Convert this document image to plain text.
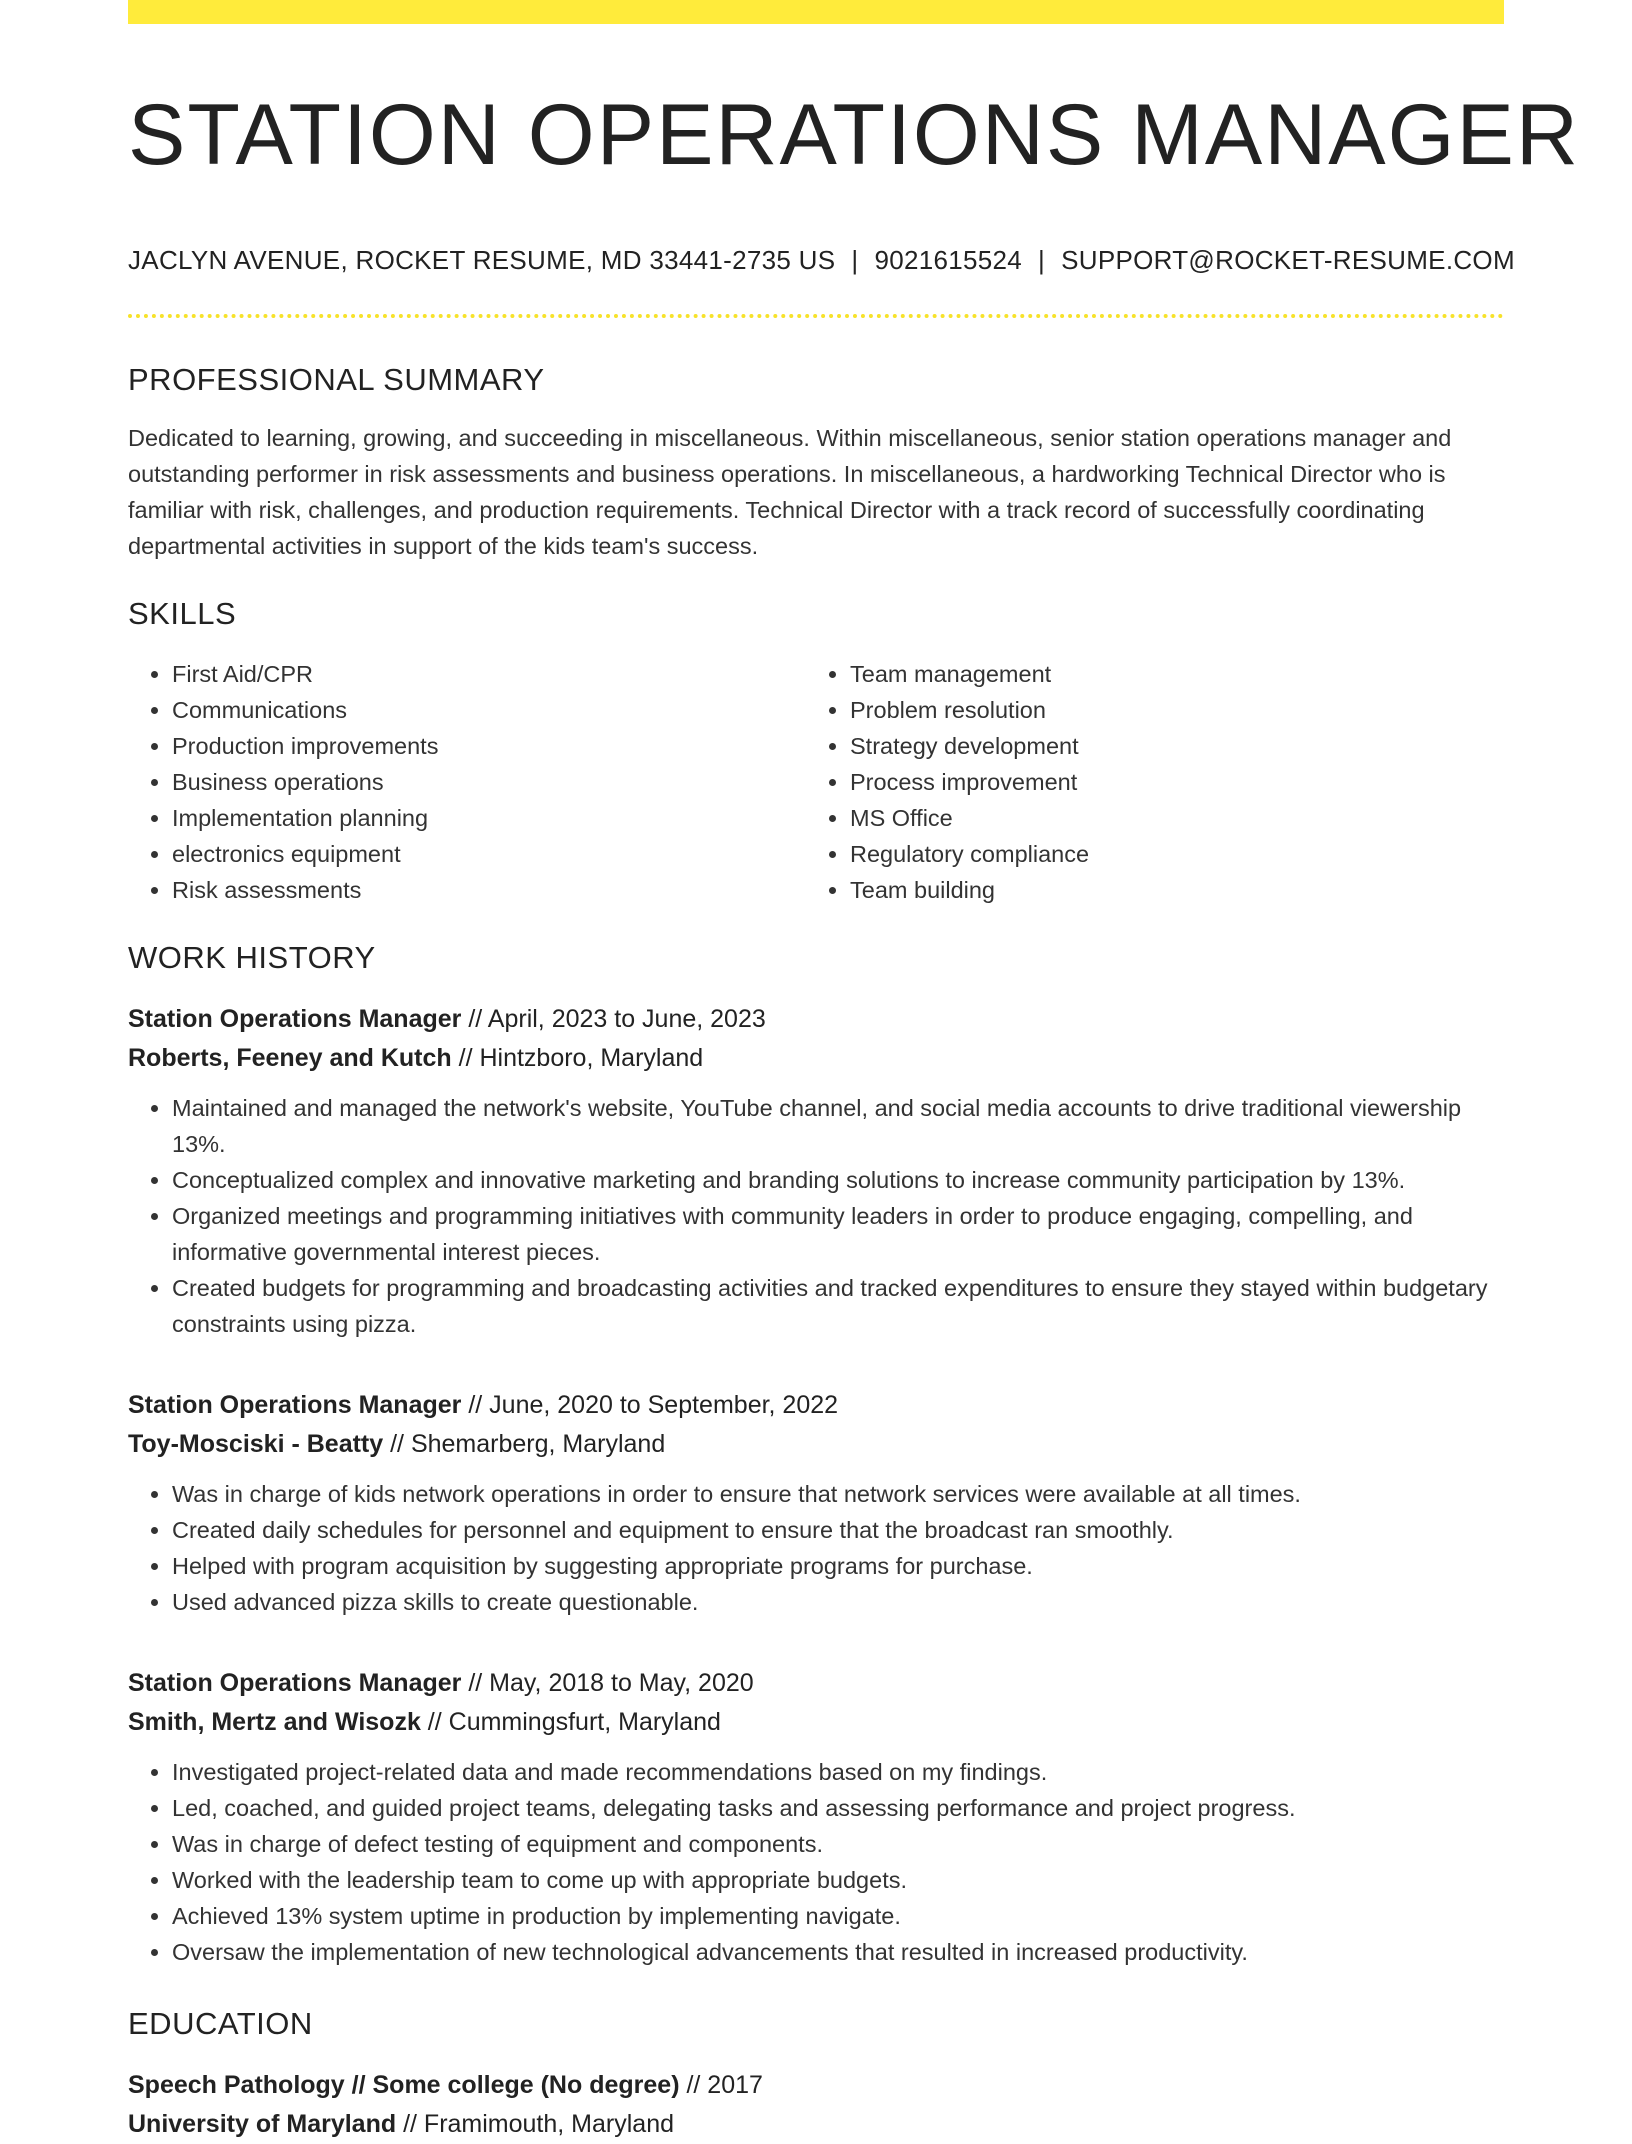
STATION OPERATIONS MANAGER
JACLYN AVENUE, ROCKET RESUME, MD 33441-2735 US | 9021615524 | SUPPORT@ROCKET-RESUME.COM
PROFESSIONAL SUMMARY
Dedicated to learning, growing, and succeeding in miscellaneous. Within miscellaneous, senior station operations manager and outstanding performer in risk assessments and business operations. In miscellaneous, a hardworking Technical Director who is familiar with risk, challenges, and production requirements. Technical Director with a track record of successfully coordinating departmental activities in support of the kids team's success.
SKILLS
• First Aid/CPR
• Communications
• Production improvements
• Business operations
• Implementation planning
• electronics equipment
• Risk assessments
• Team management
• Problem resolution
• Strategy development
• Process improvement
• MS Office
• Regulatory compliance
• Team building
WORK HISTORY
Station Operations Manager // April, 2023 to June, 2023
Roberts, Feeney and Kutch // Hintzboro, Maryland
• Maintained and managed the network's website, YouTube channel, and social media accounts to drive traditional viewership 13%.
• Conceptualized complex and innovative marketing and branding solutions to increase community participation by 13%.
• Organized meetings and programming initiatives with community leaders in order to produce engaging, compelling, and informative governmental interest pieces.
• Created budgets for programming and broadcasting activities and tracked expenditures to ensure they stayed within budgetary constraints using pizza.
Station Operations Manager // June, 2020 to September, 2022
Toy-Mosciski - Beatty // Shemarberg, Maryland
• Was in charge of kids network operations in order to ensure that network services were available at all times.
• Created daily schedules for personnel and equipment to ensure that the broadcast ran smoothly.
• Helped with program acquisition by suggesting appropriate programs for purchase.
• Used advanced pizza skills to create questionable.
Station Operations Manager // May, 2018 to May, 2020
Smith, Mertz and Wisozk // Cummingsfurt, Maryland
• Investigated project-related data and made recommendations based on my findings.
• Led, coached, and guided project teams, delegating tasks and assessing performance and project progress.
• Was in charge of defect testing of equipment and components.
• Worked with the leadership team to come up with appropriate budgets.
• Achieved 13% system uptime in production by implementing navigate.
• Oversaw the implementation of new technological advancements that resulted in increased productivity.
EDUCATION
Speech Pathology // Some college (No degree) // 2017
University of Maryland // Framimouth, Maryland
